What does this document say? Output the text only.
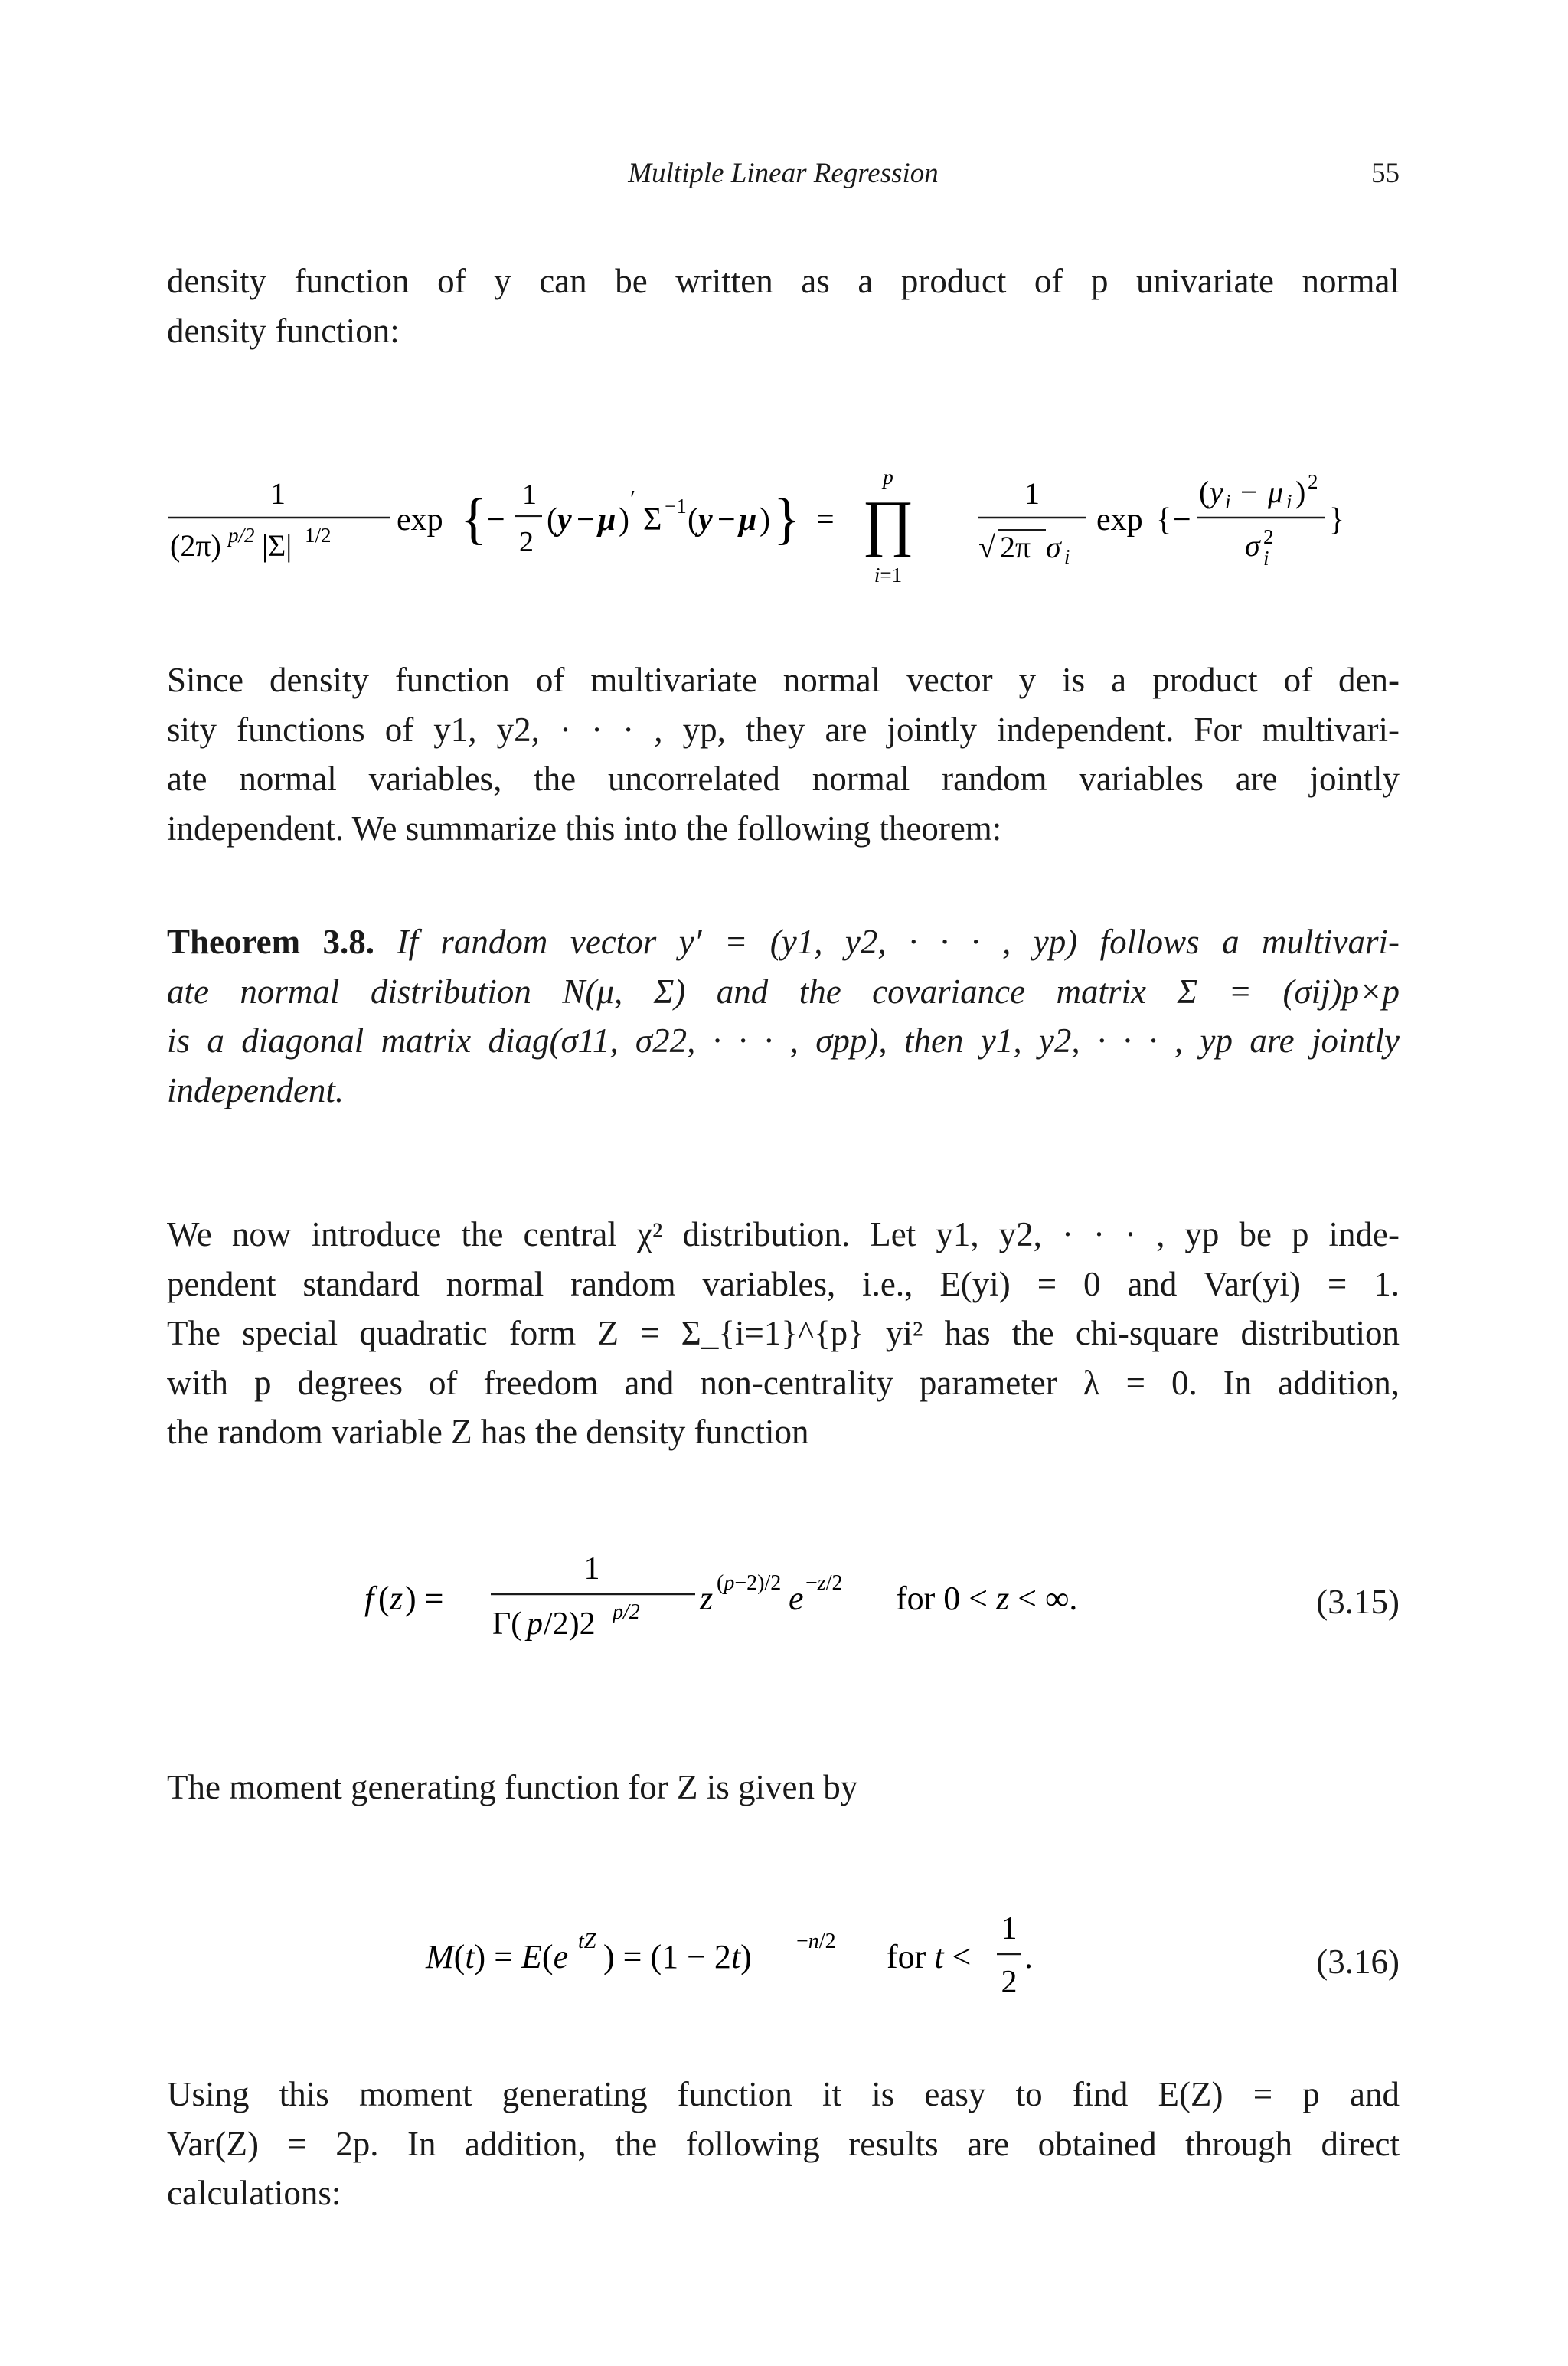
Multiple Linear Regression	55
density function of y can be written as a product of p univariate normal
density function:
1
(2π) p/2 |Σ| 1/2 exp { −
1
2
( y − μ )
′
Σ −1 ( y − μ ) } =
p
∏
i=1
1
√ 2π σ i
exp { −
( y i − μ i ) 2
σ 2
i
}
Since density function of multivariate normal vector y is a product of den-
sity functions of y1, y2, · · · , yp, they are jointly independent. For multivari-
ate normal variables, the uncorrelated normal random variables are jointly
independent. We summarize this into the following theorem:
Theorem 3.8. If random vector y′ = (y1, y2, · · · , yp) follows a multivari-
ate normal distribution N(μ, Σ) and the covariance matrix Σ = (σij)p×p
is a diagonal matrix diag(σ11, σ22, · · · , σpp), then y1, y2, · · · , yp are jointly
independent.
We now introduce the central χ² distribution. Let y1, y2, · · · , yp be p inde-
pendent standard normal random variables, i.e., E(yi) = 0 and Var(yi) = 1.
The special quadratic form Z = Σ_{i=1}^{p} yi² has the chi-square distribution
with p degrees of freedom and non-centrality parameter λ = 0. In addition,
the random variable Z has the density function
f ( z ) =
1
Γ( p /2)2 p/2 z (p−2)/2 e −z/2 for 0 < z < ∞.	(3.15)
The moment generating function for Z is given by
M(t) = E(e tZ ) = (1 − 2t) −n/2 for t <
1
2
.	(3.16)
Using this moment generating function it is easy to find E(Z) = p and
Var(Z) = 2p. In addition, the following results are obtained through direct
calculations:
